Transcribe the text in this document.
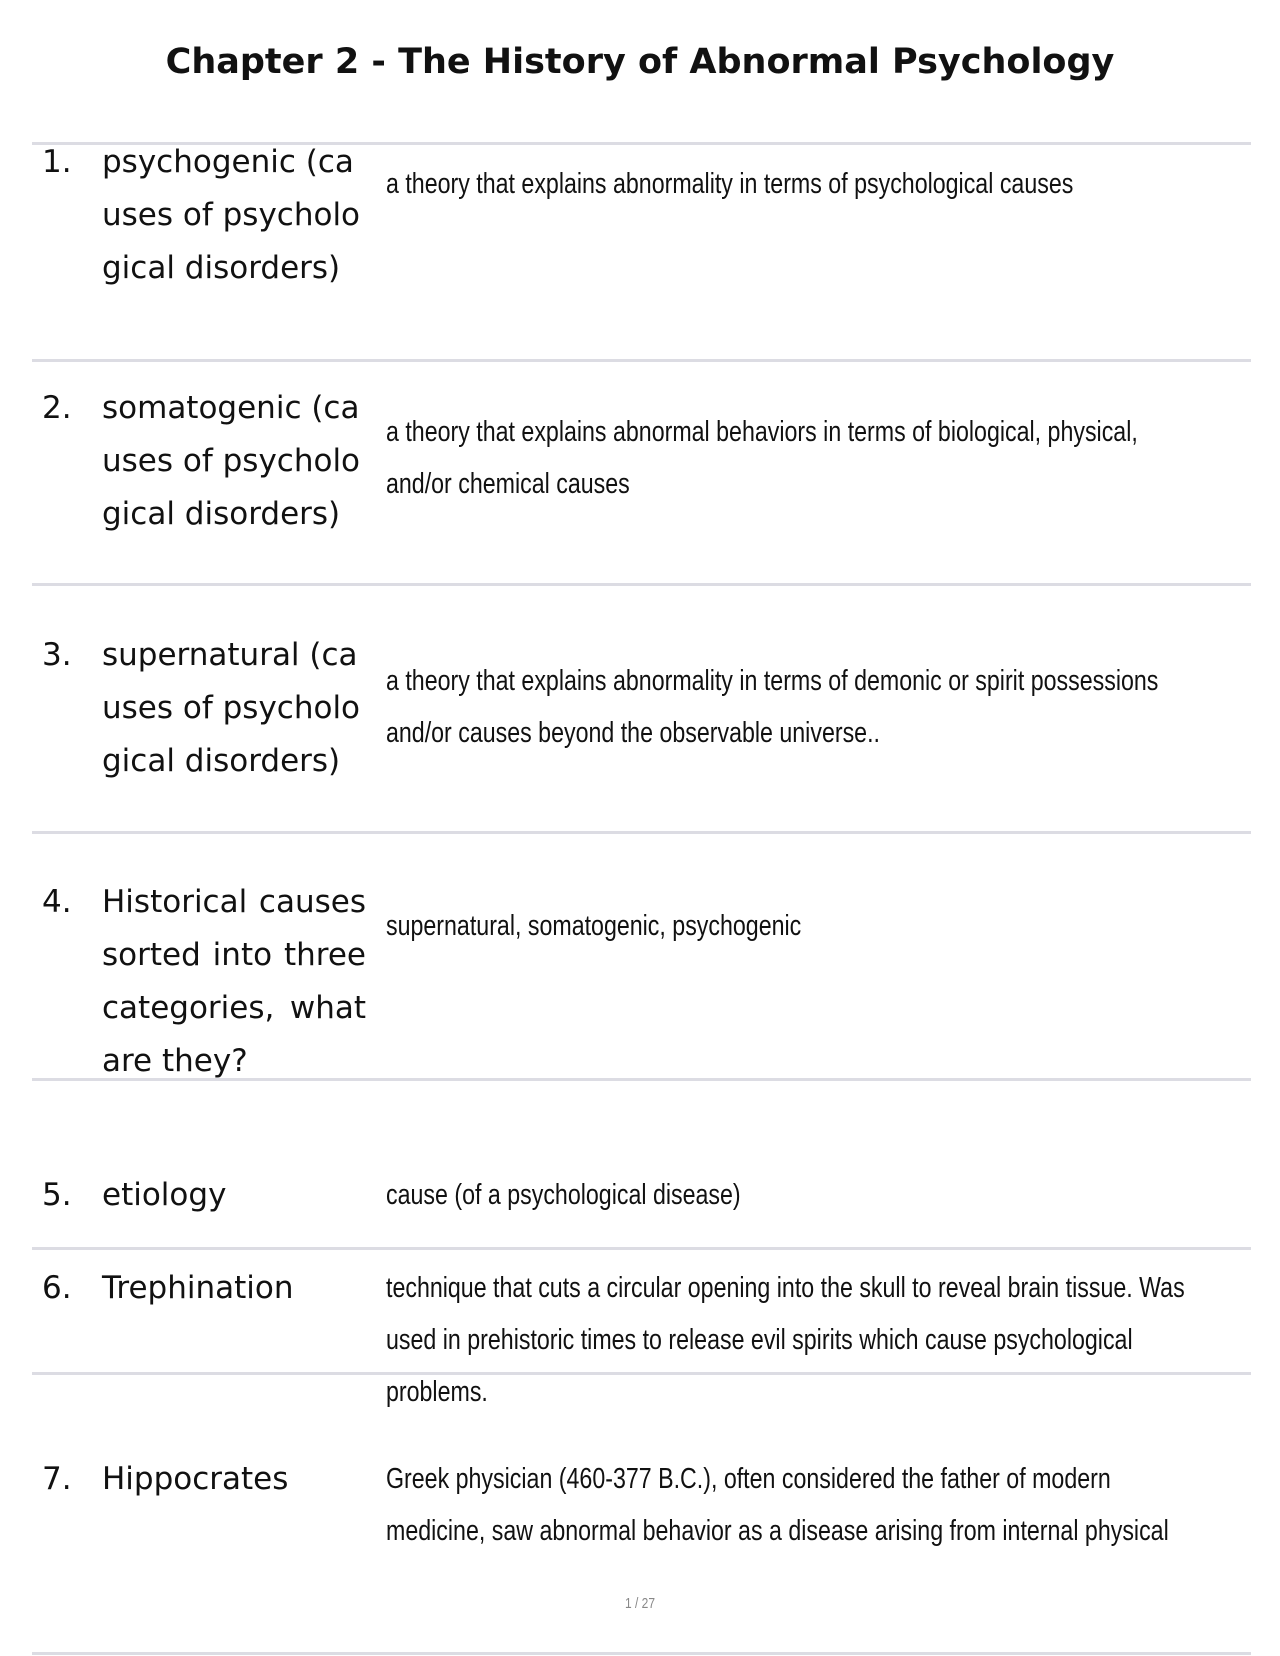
Chapter 2 - The History of Abnormal Psychology
1. psychogenic (causes of psychological disorders)
a theory that explains abnormality in terms of psychological causes
2. somatogenic (causes of psychological disorders)
a theory that explains abnormal behaviors in terms of biological, physical,
and/or chemical causes
3. supernatural (causes of psychological disorders)
a theory that explains abnormality in terms of demonic or spirit possessions
and/or causes beyond the observable universe..
4. Historical causes sorted into three categories, what are they?
supernatural, somatogenic, psychogenic
5. etiology	cause (of a psychological disease)
6. Trephination	technique that cuts a circular opening into the skull to reveal brain tissue. Was
used in prehistoric times to release evil spirits which cause psychological
problems.
7. Hippocrates	Greek physician (460-377 B.C.), often considered the father of modern
medicine, saw abnormal behavior as a disease arising from internal physical
1 / 27
